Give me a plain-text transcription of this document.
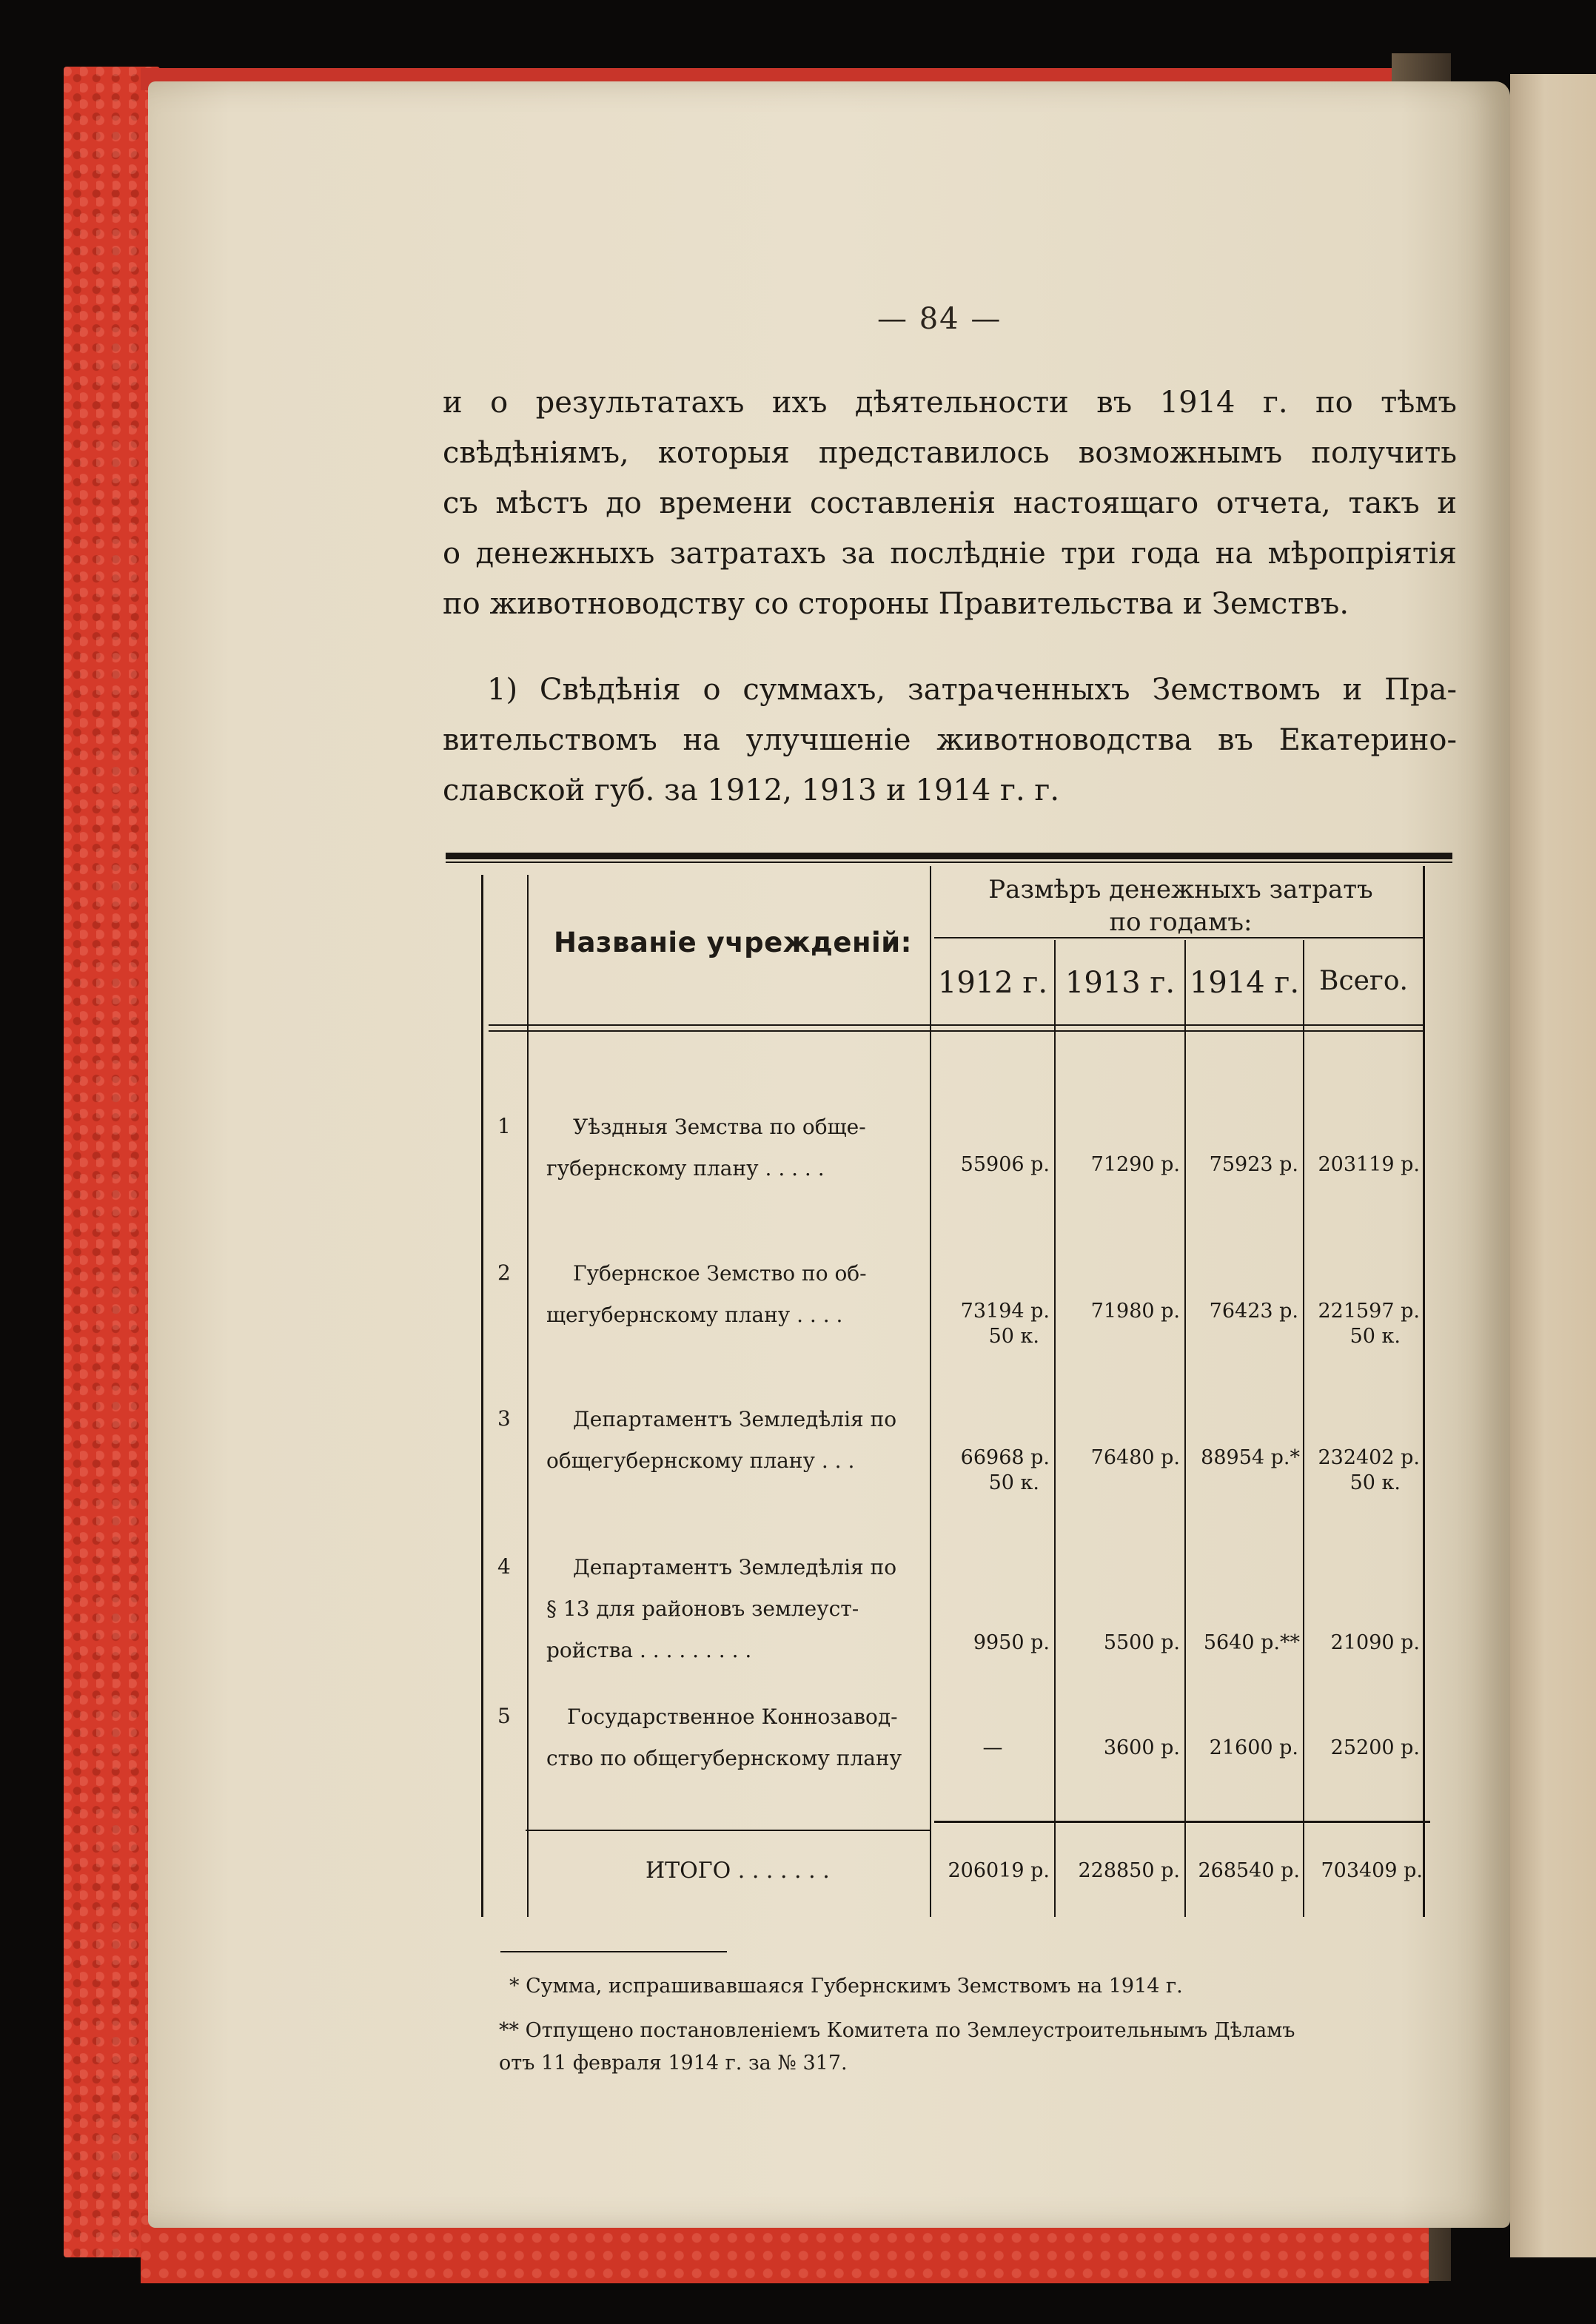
— 84 —
и о результатахъ ихъ дѣятельности въ 1914 г. по тѣмъ
свѣдѣніямъ, которыя представилось возможнымъ получить
съ мѣстъ до времени составленія настоящаго отчета, такъ и
о денежныхъ затратахъ за послѣдніе три года на мѣропріятія
по животноводству со стороны Правительства и Земствъ.
1) Свѣдѣнія о суммахъ, затраченныхъ Земствомъ и Пра-
вительствомъ на улучшеніе животноводства въ Екатерино-
славской губ. за 1912, 1913 и 1914 г. г.
Названіе учрежденій:
Размѣръ денежныхъ затратъ
по годамъ:
1912 г. 1913 г. 1914 г. Всего.
1	Уѣздныя Земства по обще-
губернскому плану . . . . .	55906 р.	71290 р.	75923 р. 203119 р.
2	Губернское Земство по об-
щегубернскому плану . . . .	73194 р.
50 к.
71980 р.	76423 р. 221597 р.
50 к.
3	Департаментъ Земледѣлія по
общегубернскому плану . . .	66968 р.
50 к.
76480 р.	88954 р.* 232402 р.
50 к.
4	Департаментъ Земледѣлія по
§ 13 для районовъ землеуст-
ройства . . . . . . . . .	9950 р.	5500 р.	5640 р.**	21090 р.
5	Государственное Коннозавод-
ство по общегубернскому плану	—	3600 р.	21600 р.	25200 р.
ИТОГО . . . . . . .	206019 р.	228850 р. 268540 р.	703409 р.
* Сумма, испрашивавшаяся Губернскимъ Земствомъ на 1914 г.
** Отпущено постановленіемъ Комитета по Землеустроительнымъ Дѣламъ
отъ 11 февраля 1914 г. за № 317.
